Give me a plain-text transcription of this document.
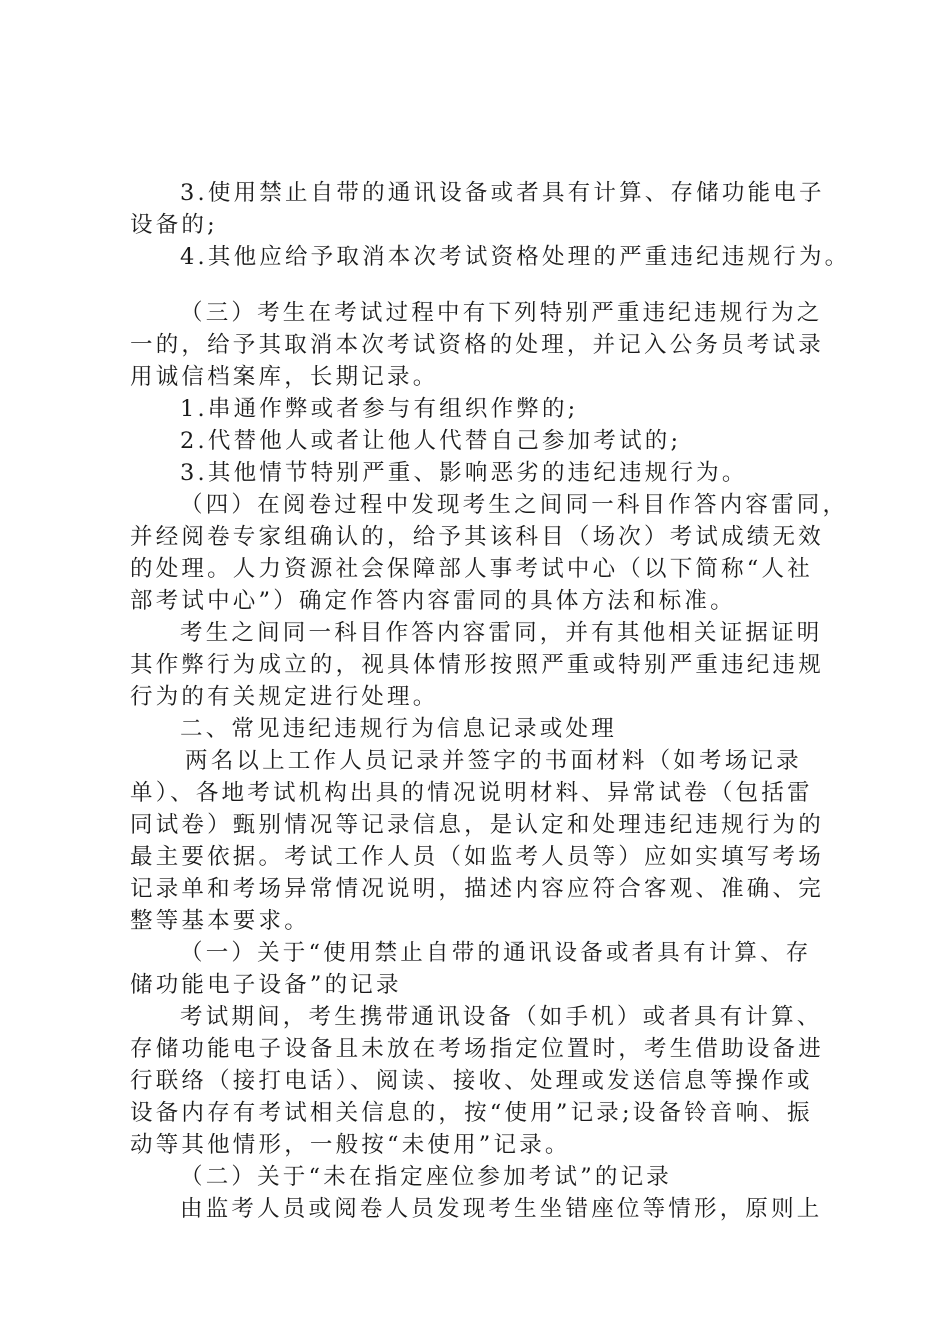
3.使用禁止自带的通讯设备或者具有计算、存储功能电子
设备的;
4.其他应给予取消本次考试资格处理的严重违纪违规行为。
（三）考生在考试过程中有下列特别严重违纪违规行为之
一的，给予其取消本次考试资格的处理，并记入公务员考试录
用诚信档案库，长期记录。
1.串通作弊或者参与有组织作弊的;
2.代替他人或者让他人代替自己参加考试的;
3.其他情节特别严重、影响恶劣的违纪违规行为。
（四）在阅卷过程中发现考生之间同一科目作答内容雷同，
并经阅卷专家组确认的，给予其该科目（场次）考试成绩无效
的处理。人力资源社会保障部人事考试中心（以下简称“人社
部考试中心”）确定作答内容雷同的具体方法和标准。
考生之间同一科目作答内容雷同，并有其他相关证据证明
其作弊行为成立的，视具体情形按照严重或特别严重违纪违规
行为的有关规定进行处理。
二、常见违纪违规行为信息记录或处理
两名以上工作人员记录并签字的书面材料（如考场记录
单）、各地考试机构出具的情况说明材料、异常试卷（包括雷
同试卷）甄别情况等记录信息，是认定和处理违纪违规行为的
最主要依据。考试工作人员（如监考人员等）应如实填写考场
记录单和考场异常情况说明，描述内容应符合客观、准确、完
整等基本要求。
（一）关于“使用禁止自带的通讯设备或者具有计算、存
储功能电子设备”的记录
考试期间，考生携带通讯设备（如手机）或者具有计算、
存储功能电子设备且未放在考场指定位置时，考生借助设备进
行联络（接打电话）、阅读、接收、处理或发送信息等操作或
设备内存有考试相关信息的，按“使用”记录;设备铃音响、振
动等其他情形，一般按“未使用”记录。
（二）关于“未在指定座位参加考试”的记录
由监考人员或阅卷人员发现考生坐错座位等情形，原则上
